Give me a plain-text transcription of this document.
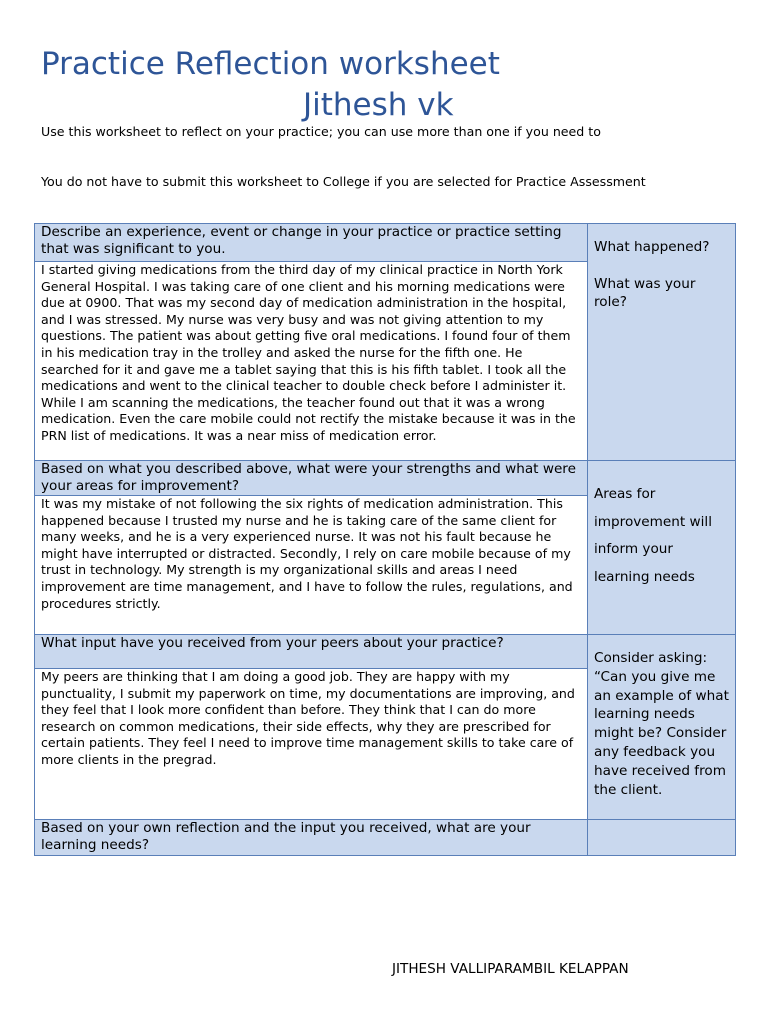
Practice Reflection worksheet
Jithesh vk
Use this worksheet to reflect on your practice; you can use more than one if you need to
You do not have to submit this worksheet to College if you are selected for Practice Assessment
Describe an experience, event or change in your practice or practice setting that was significant to you.	What happened?
What was your role?

I started giving medications from the third day of my clinical practice in North York General Hospital. I was taking care of one client and his morning medications were due at 0900. That was my second day of medication administration in the hospital, and I was stressed. My nurse was very busy and was not giving attention to my questions. The patient was about getting five oral medications. I found four of them in his medication tray in the trolley and asked the nurse for the fifth one. He searched for it and gave me a tablet saying that this is his fifth tablet. I took all the medications and went to the clinical teacher to double check before I administer it. While I am scanning the medications, the teacher found out that it was a wrong medication. Even the care mobile could not rectify the mistake because it was in the PRN list of medications. It was a near miss of medication error.	
Based on what you described above, what were your strengths and what were your areas for improvement?	Areas for improvement will inform your learning needs

It was my mistake of not following the six rights of medication administration. This happened because I trusted my nurse and he is taking care of the same client for many weeks, and he is a very experienced nurse. It was not his fault because he might have interrupted or distracted. Secondly, I rely on care mobile because of my trust in technology. My strength is my organizational skills and areas I need improvement are time management, and I have to follow the rules, regulations, and procedures strictly.	
What input have you received from your peers about your practice?	Consider asking: “Can you give me an example of what learning needs might be? Consider any feedback you have received from the client.

My peers are thinking that I am doing a good job. They are happy with my punctuality, I submit my paperwork on time, my documentations are improving, and they feel that I look more confident than before. They think that I can do more research on common medications, their side effects, why they are prescribed for certain patients. They feel I need to improve time management skills to take care of more clients in the pregrad.	
Based on your own reflection and the input you received, what are your learning needs?	
JITHESH VALLIPARAMBIL KELAPPAN
